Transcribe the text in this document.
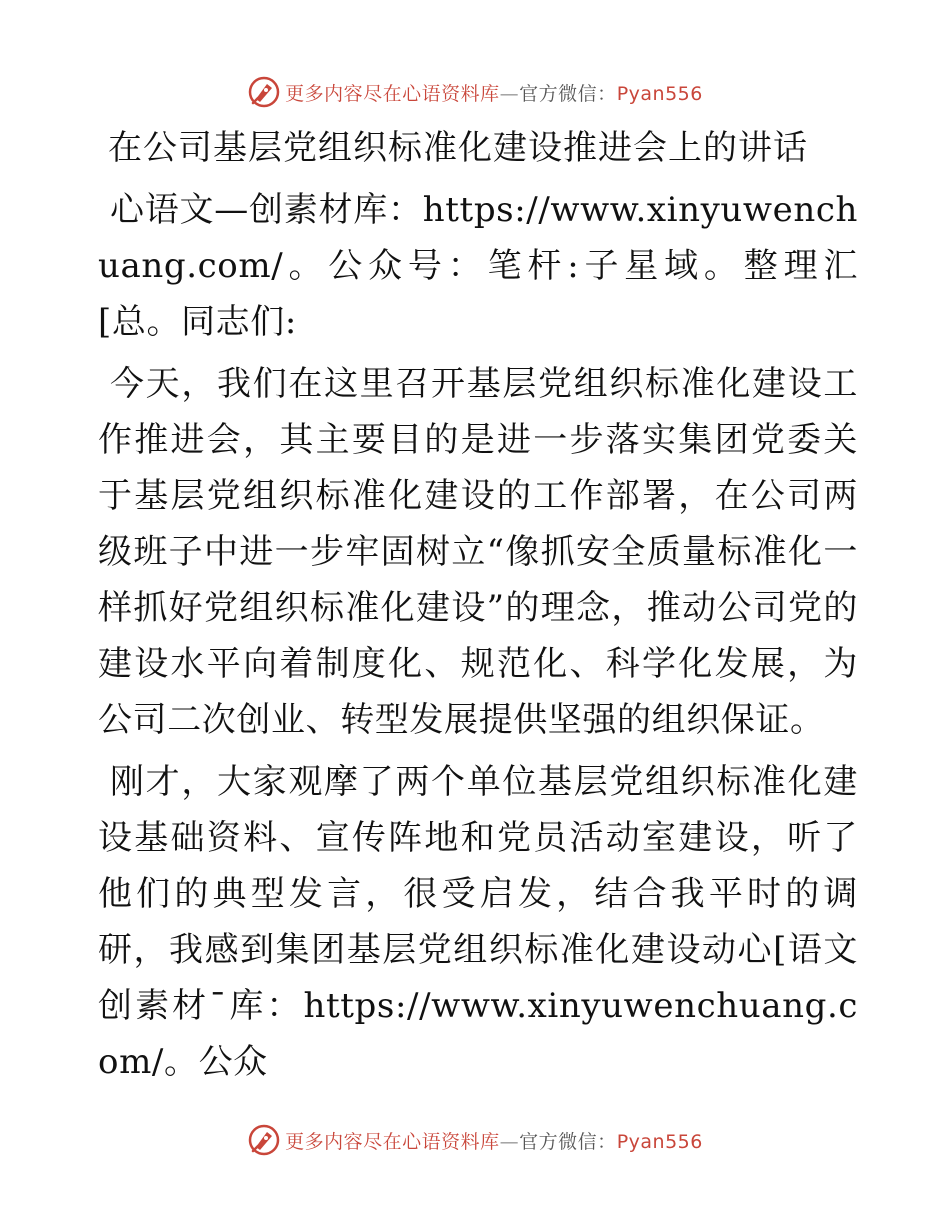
更多内容尽在心语资料库—官方微信：Pyan556
在公司基层党组织标准化建设推进会上的讲话

心语文—创素材库：https://www.xinyuwenchuang.com/。公众号：笔杆:子星域。整理汇[总。同志们:

今天，我们在这里召开基层党组织标准化建设工作推进会，其主要目的是进一步落实集团党委关于基层党组织标准化建设的工作部署，在公司两级班子中进一步牢固树立“像抓安全质量标准化一样抓好党组织标准化建设”的理念，推动公司党的建设水平向着制度化、规范化、科学化发展，为公司二次创业、转型发展提供坚强的组织保证。

刚才，大家观摩了两个单位基层党组织标准化建设基础资料、宣传阵地和党员活动室建设，听了他们的典型发言，很受启发，结合我平时的调研，我感到集团基层党组织标准化建设动心[语文创素材¯库：https://www.xinyuwenchuang.com/。公众

更多内容尽在心语资料库—官方微信：Pyan556
